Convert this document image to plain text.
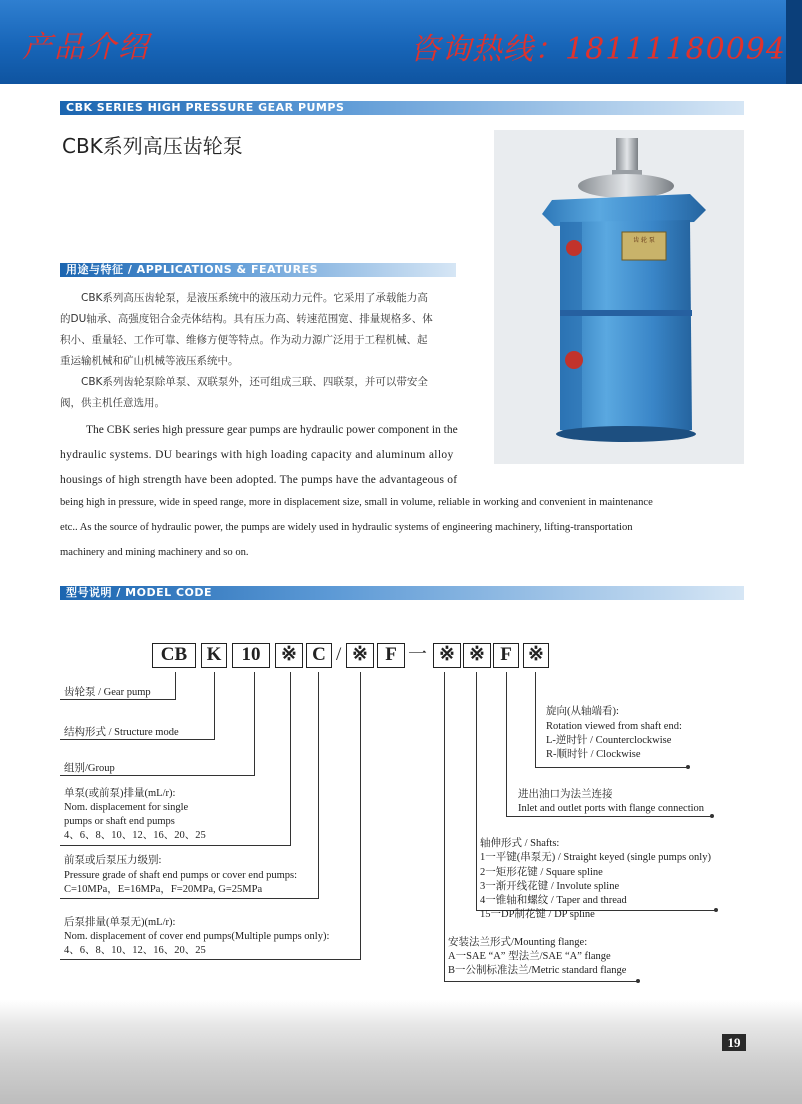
产品介绍	咨询热线：18111180094
CBK SERIES HIGH PRESSURE GEAR PUMPS
CBK系列高压齿轮泵
用途与特征 / APPLICATIONS & FEATURES
CBK系列高压齿轮泵，是液压系统中的液压动力元件。它采用了承载能力高
的DU轴承、高强度铝合金壳体结构。具有压力高、转速范围宽、排量规格多、体
积小、重量轻、工作可靠、维修方便等特点。作为动力源广泛用于工程机械、起
重运输机械和矿山机械等液压系统中。
CBK系列齿轮泵除单泵、双联泵外，还可组成三联、四联泵，并可以带安全
阀，供主机任意选用。
The CBK series high pressure gear pumps are hydraulic power component in the
hydraulic systems. DU bearings with high loading capacity and aluminum alloy
housings of high strength have been adopted. The pumps have the advantageous of
being high in pressure, wide in speed range, more in displacement size, small in volume, reliable in working and convenient in maintenance
etc.. As the source of hydraulic power, the pumps are widely used in hydraulic systems of engineering machinery, lifting-transportation
machinery and mining machinery and so on.
齿 轮 泵
型号说明 / MODEL CODE
CB	K	10	※ C / ※ F 一 ※ ※ F ※
齿轮泵 / Gear pump
结构形式 / Structure mode
组别/Group
单泵(或前泵)排量(mL/r):
Nom. displacement for single
pumps or shaft end pumps
4、6、8、10、12、16、20、25
前泵或后泵压力级别:
Pressure grade of shaft end pumps or cover end pumps:
C=10MPa，E=16MPa，F=20MPa, G=25MPa
后泵排量(单泵无)(mL/r):
Nom. displacement of cover end pumps(Multiple pumps only):
4、6、8、10、12、16、20、25
旋向(从轴端看):
Rotation viewed from shaft end:
L-逆时针 / Counterclockwise
R-顺时针 / Clockwise
进出油口为法兰连接
Inlet and outlet ports with flange connection
轴伸形式 / Shafts:
1一平键(串泵无) / Straight keyed (single pumps only)
2一矩形花键 / Square spline
3一渐开线花键 / Involute spline
4一锥轴和螺纹 / Taper and thread
15一DP制花键 / DP spline
安装法兰形式/Mounting flange:
A一SAE “A” 型法兰/SAE “A” flange
B一公制标准法兰/Metric standard flange
19
